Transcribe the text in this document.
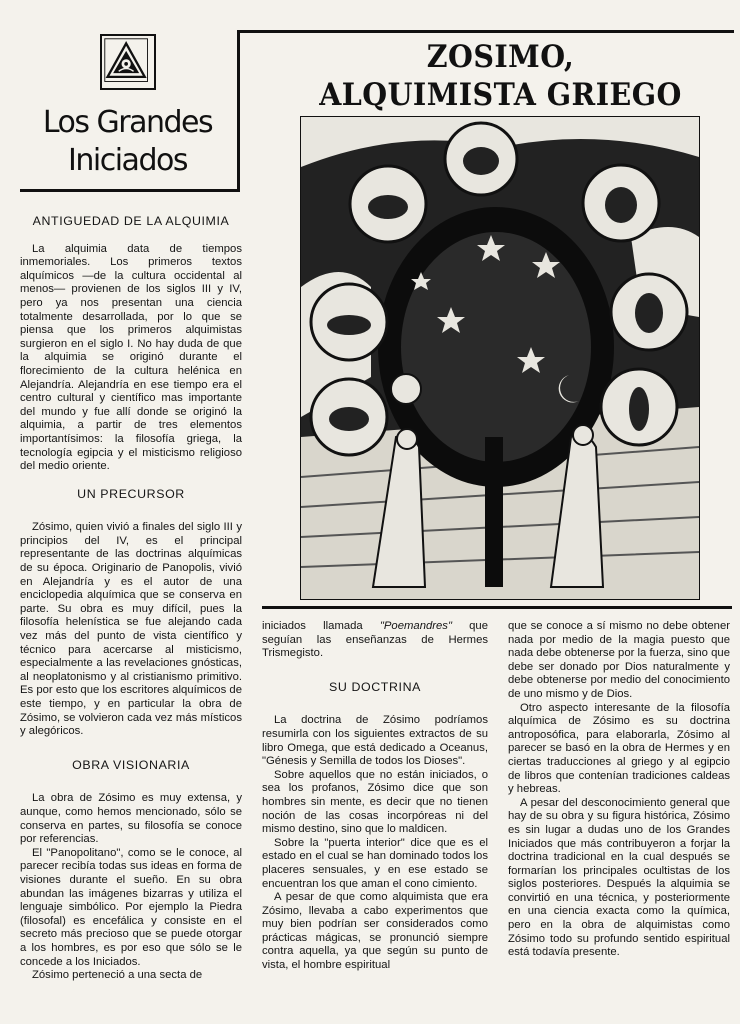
Los Grandes
Iniciados
ZOSIMO,
ALQUIMISTA GRIEGO
ANTIGUEDAD DE LA ALQUIMIA

La alquimia data de tiempos inmemoriales. Los primeros textos alquímicos —de la cultura occidental al menos— provienen de los siglos III y IV, pero ya nos presentan una ciencia totalmente desarrollada, por lo que se piensa que los primeros alquimistas surgieron en el siglo I. No hay duda de que la alquimia se originó durante el florecimiento de la cultura helénica en Alejandría. Alejandría en ese tiempo era el centro cultural y científico mas importante del mundo y fue allí donde se originó la alquimia, a partir de tres elementos importantísimos: la filosofía griega, la tecnología egipcia y el misticismo religioso del medio oriente.

UN PRECURSOR

Zósimo, quien vivió a finales del siglo III y principios del IV, es el principal representante de las doctrinas alquímicas de su época. Originario de Panopolis, vivió en Alejandría y es el autor de una enciclopedia alquímica que se conserva en parte. Su obra es muy difícil, pues la filosofía helenística se fue alejando cada vez más del punto de vista científico y técnico para acercarse al misticismo, especialmente a las revelaciones gnósticas, al neoplatonismo y al cristianismo primitivo. Es por esto que los escritores alquímicos de este tiempo, y en particular la obra de Zósimo, se volvieron cada vez más místicos y alegóricos.

OBRA VISIONARIA

La obra de Zósimo es muy extensa, y aunque, como hemos mencionado, sólo se conserva en partes, su filosofía se conoce por referencias.

El "Panopolitano", como se le conoce, al parecer recibía todas sus ideas en forma de visiones durante el sueño. En su obra abundan las imágenes bizarras y utiliza el lenguaje simbólico. Por ejemplo la Piedra (filosofal) es encefálica y consiste en el secreto más precioso que se puede otorgar a los hombres, es por eso que sólo se le concede a los Iniciados.

Zósimo perteneció a una secta de

iniciados llamada "Poemandres" que seguían las enseñanzas de Hermes Trismegisto.

SU DOCTRINA

La doctrina de Zósimo podríamos resumirla con los siguientes extractos de su libro Omega, que está dedicado a Oceanus, "Génesis y Semilla de todos los Dioses".

Sobre aquellos que no están iniciados, o sea los profanos, Zósimo dice que son hombres sin mente, es decir que no tienen noción de las cosas incorpóreas ni del mismo destino, sino que lo maldicen.

Sobre la "puerta interior" dice que es el estado en el cual se han dominado todos los placeres sensuales, y en ese estado se encuentran los que aman el cono cimiento.

A pesar de que como alquimista que era Zósimo, llevaba a cabo experimentos que muy bien podrían ser considerados como prácticas mágicas, se pronunció siempre contra aquella, ya que según su punto de vista, el hombre espiritual

que se conoce a sí mismo no debe obtener nada por medio de la magia puesto que nada debe obtenerse por la fuerza, sino que debe ser donado por Dios naturalmente y debe obtenerse por medio del conocimiento de uno mismo y de Dios.

Otro aspecto interesante de la filosofía alquímica de Zósimo es su doctrina antroposófica, para elaborarla, Zósimo al parecer se basó en la obra de Hermes y en ciertas traducciones al griego y al egipcio de libros que contenían tradiciones caldeas y hebreas.

A pesar del desconocimiento general que hay de su obra y su figura histórica, Zósimo es sin lugar a dudas uno de los Grandes Iniciados que más contribuyeron a forjar la doctrina tradicional en la cual después se formarían los principales ocultistas de los siglos posteriores. Después la alquimia se convirtió en una técnica, y posteriormente en una ciencia exacta como la química, pero en la obra de alquimistas como Zósimo todo su profundo sentido espiritual está todavía presente.
